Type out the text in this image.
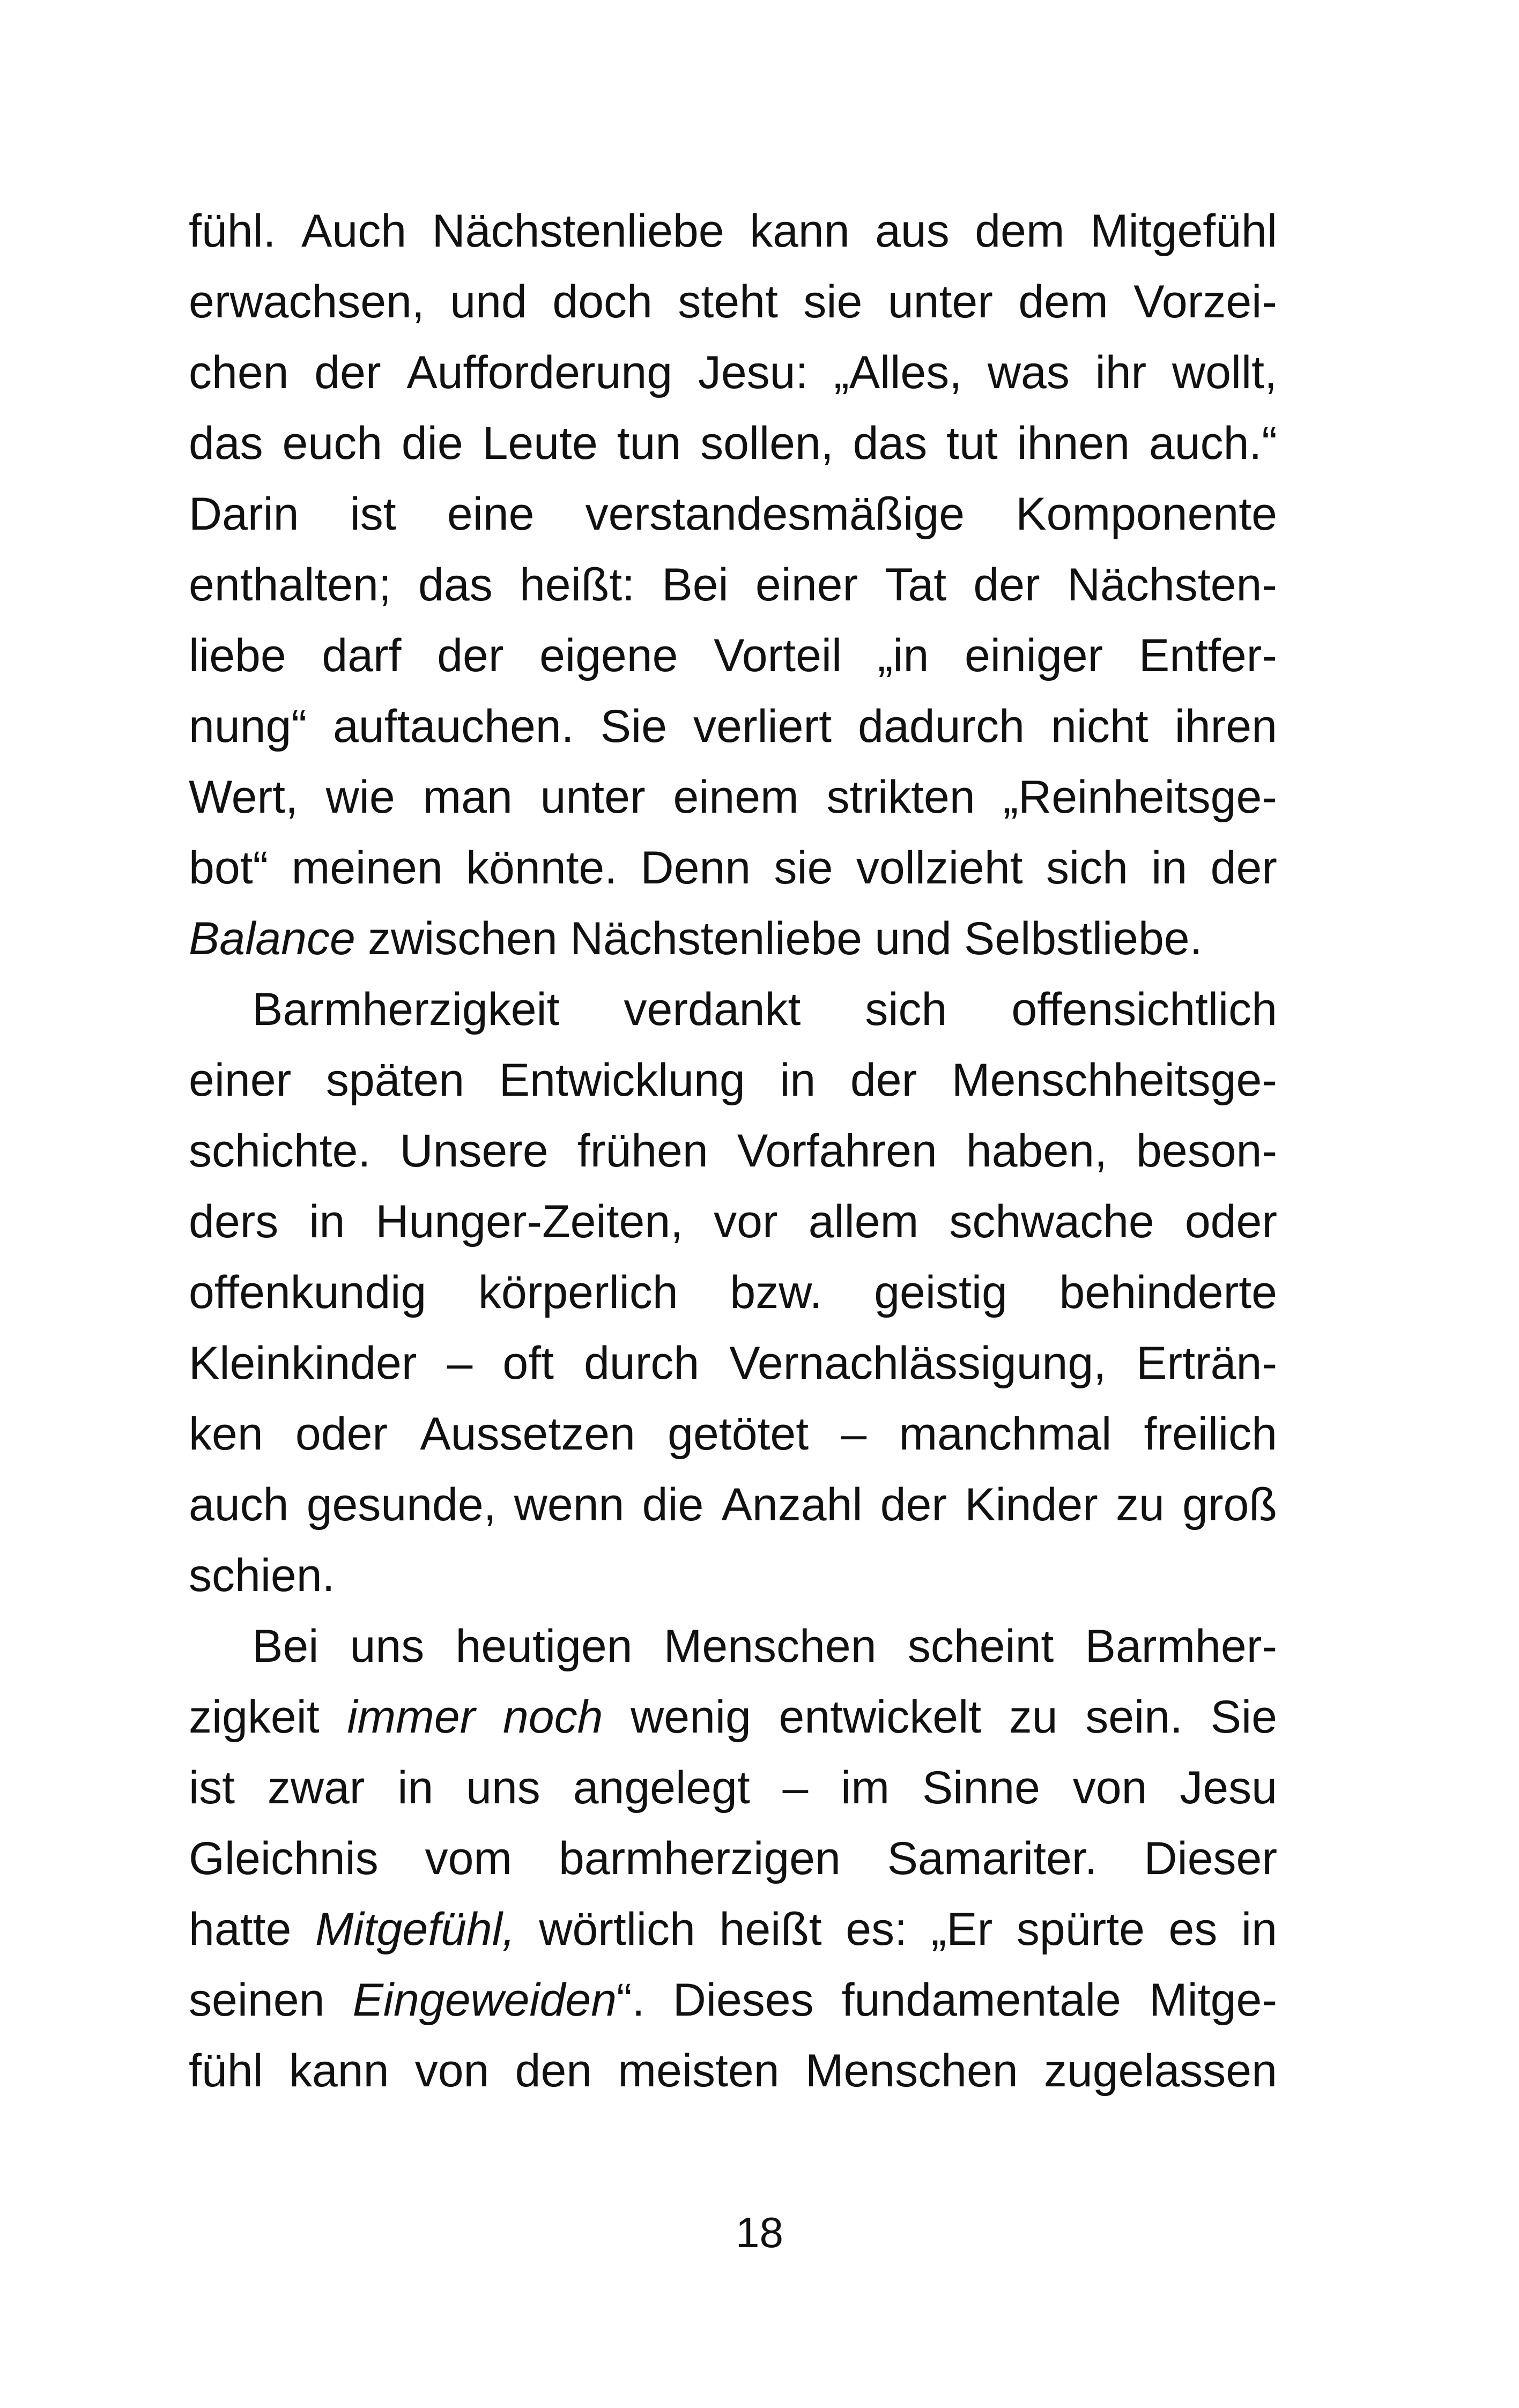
fühl. Auch Nächstenliebe kann aus dem Mitgefühl
erwachsen, und doch steht sie unter dem Vorzei-
chen der Aufforderung Jesu: „Alles, was ihr wollt,
das euch die Leute tun sollen, das tut ihnen auch.“
Darin ist eine verstandesmäßige Komponente
enthalten; das heißt: Bei einer Tat der Nächsten-
liebe darf der eigene Vorteil „in einiger Entfer-
nung“ auftauchen. Sie verliert dadurch nicht ihren
Wert, wie man unter einem strikten „Reinheitsge-
bot“ meinen könnte. Denn sie vollzieht sich in der
Balance zwischen Nächstenliebe und Selbstliebe.
Barmherzigkeit verdankt sich offensichtlich
einer späten Entwicklung in der Menschheitsge-
schichte. Unsere frühen Vorfahren haben, beson-
ders in Hunger-Zeiten, vor allem schwache oder
offenkundig körperlich bzw. geistig behinderte
Kleinkinder – oft durch Vernachlässigung, Erträn-
ken oder Aussetzen getötet – manchmal freilich
auch gesunde, wenn die Anzahl der Kinder zu groß
schien.
Bei uns heutigen Menschen scheint Barmher-
zigkeit immer noch wenig entwickelt zu sein. Sie
ist zwar in uns angelegt – im Sinne von Jesu
Gleichnis vom barmherzigen Samariter. Dieser
hatte Mitgefühl, wörtlich heißt es: „Er spürte es in
seinen Eingeweiden“. Dieses fundamentale Mitge-
fühl kann von den meisten Menschen zugelassen
18
